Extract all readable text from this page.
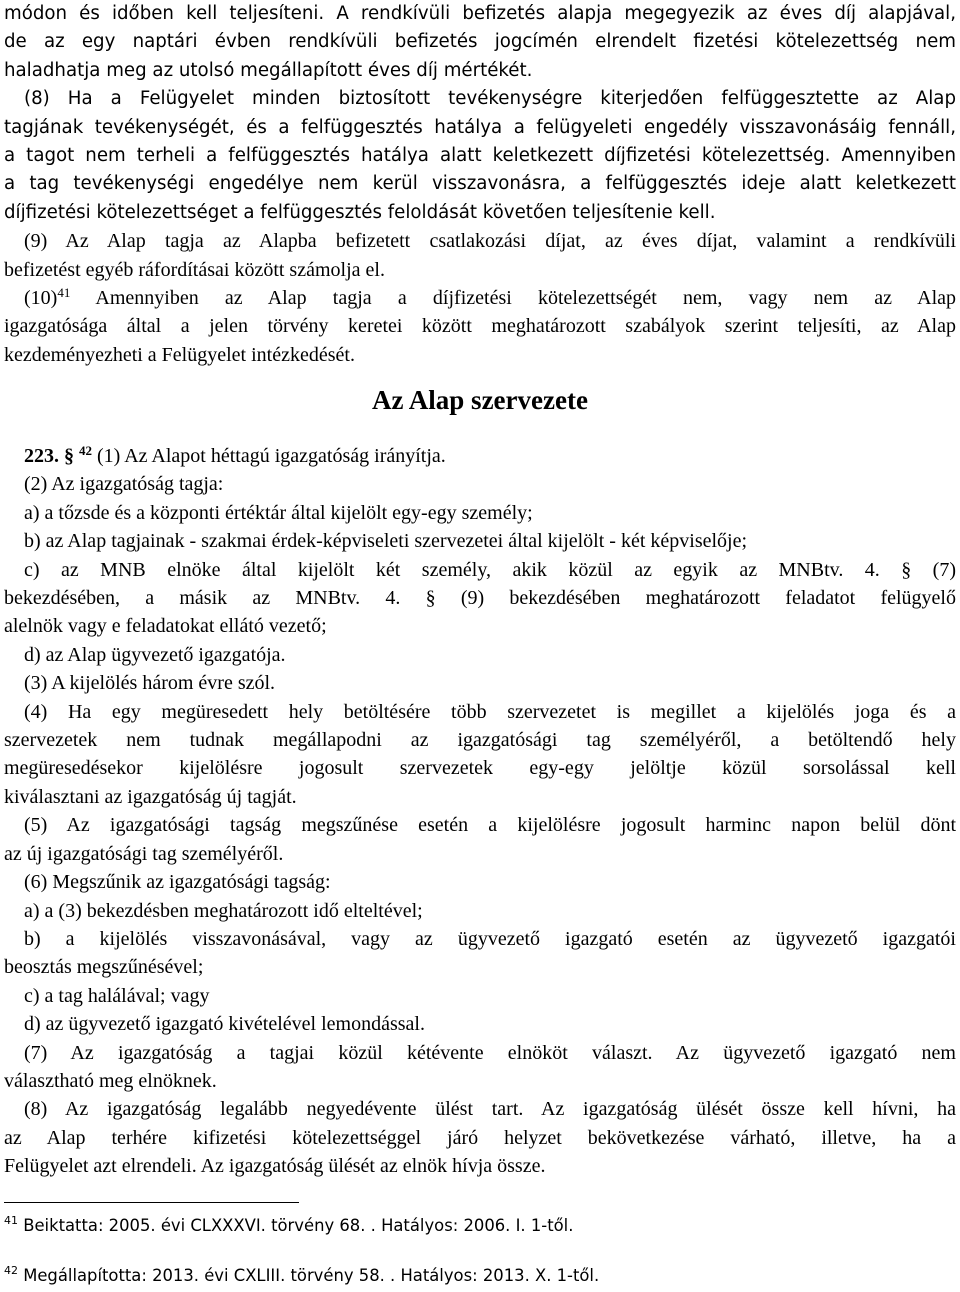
módon és időben kell teljesíteni. A rendkívüli befizetés alapja megegyezik az éves díj alapjával,
de az egy naptári évben rendkívüli befizetés jogcímén elrendelt fizetési kötelezettség nem
haladhatja meg az utolsó megállapított éves díj mértékét.
(8) Ha a Felügyelet minden biztosított tevékenységre kiterjedően felfüggesztette az Alap
tagjának tevékenységét, és a felfüggesztés hatálya a felügyeleti engedély visszavonásáig fennáll,
a tagot nem terheli a felfüggesztés hatálya alatt keletkezett díjfizetési kötelezettség. Amennyiben
a tag tevékenységi engedélye nem kerül visszavonásra, a felfüggesztés ideje alatt keletkezett
díjfizetési kötelezettséget a felfüggesztés feloldását követően teljesítenie kell.
(9) Az Alap tagja az Alapba befizetett csatlakozási díjat, az éves díjat, valamint a rendkívüli
befizetést egyéb ráfordításai között számolja el.
$(10)^{41}$ Amennyiben az Alap tagja a díjfizetési kötelezettségét nem, vagy nem az Alap
igazgatósága által a jelen törvény keretei között meghatározott szabályok szerint teljesíti, az Alap
kezdeményezheti a Felügyelet intézkedését.
Az Alap szervezete
223. § $^{42}$ (1) Az Alapot héttagú igazgatóság irányítja.
(2) Az igazgatóság tagja:
a) a tőzsde és a központi értéktár által kijelölt egy-egy személy;
b) az Alap tagjainak - szakmai érdek-képviseleti szervezetei által kijelölt - két képviselője;
c) az MNB elnöke által kijelölt két személy, akik közül az egyik az MNBtv. 4. § (7)
bekezdésében, a másik az MNBtv. 4. § (9) bekezdésében meghatározott feladatot felügyelő
alelnök vagy e feladatokat ellátó vezető;
d) az Alap ügyvezető igazgatója.
(3) A kijelölés három évre szól.
(4) Ha egy megüresedett hely betöltésére több szervezetet is megillet a kijelölés joga és a
szervezetek nem tudnak megállapodni az igazgatósági tag személyéről, a betöltendő hely
megüresedésekor kijelölésre jogosult szervezetek egy-egy jelöltje közül sorsolással kell
kiválasztani az igazgatóság új tagját.
(5) Az igazgatósági tagság megszűnése esetén a kijelölésre jogosult harminc napon belül dönt
az új igazgatósági tag személyéről.
(6) Megszűnik az igazgatósági tagság:
a) a (3) bekezdésben meghatározott idő elteltével;
b) a kijelölés visszavonásával, vagy az ügyvezető igazgató esetén az ügyvezető igazgatói
beosztás megszűnésével;
c) a tag halálával; vagy
d) az ügyvezető igazgató kivételével lemondással.
(7) Az igazgatóság a tagjai közül kétévente elnököt választ. Az ügyvezető igazgató nem
választható meg elnöknek.
(8) Az igazgatóság legalább negyedévente ülést tart. Az igazgatóság ülését össze kell hívni, ha
az Alap terhére kifizetési kötelezettséggel járó helyzet bekövetkezése várható, illetve, ha a
Felügyelet azt elrendeli. Az igazgatóság ülését az elnök hívja össze.
$^{41}$ Beiktatta: 2005. évi CLXXXVI. törvény 68. . Hatályos: 2006. I. 1-től.
$^{42}$ Megállapította: 2013. évi CXLIII. törvény 58. . Hatályos: 2013. X. 1-től.
